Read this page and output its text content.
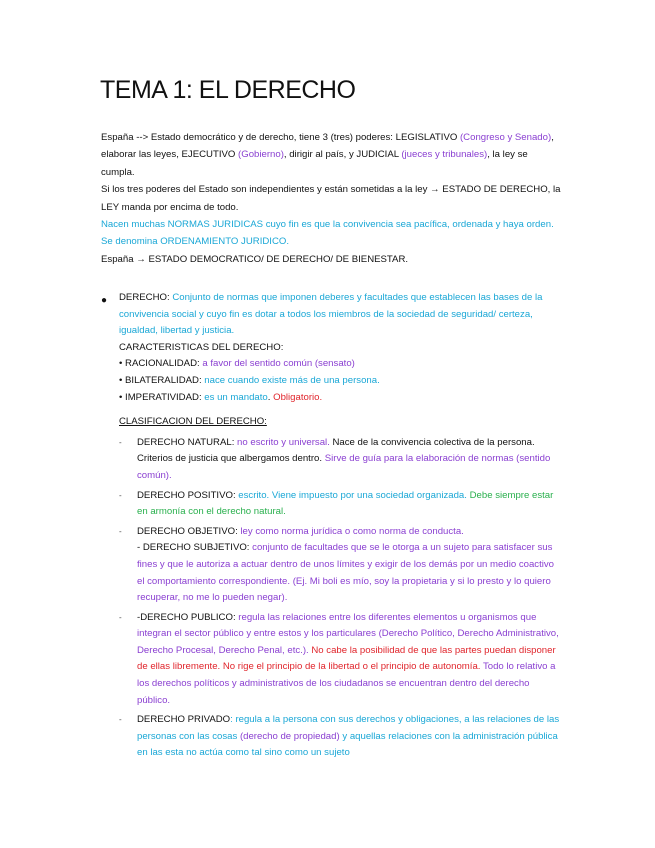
TEMA 1: EL DERECHO

España --> Estado democrático y de derecho, tiene 3 (tres) poderes: LEGISLATIVO (Congreso y Senado), elaborar las leyes, EJECUTIVO (Gobierno), dirigir al país, y JUDICIAL (jueces y tribunales), la ley se cumpla.

Si los tres poderes del Estado son independientes y están sometidas a la ley → ESTADO DE DERECHO, la LEY manda por encima de todo.

Nacen muchas NORMAS JURIDICAS cuyo fin es que la convivencia sea pacífica, ordenada y haya orden. Se denomina ORDENAMIENTO JURIDICO.

España → ESTADO DEMOCRATICO/ DE DERECHO/ DE BIENESTAR.

● DERECHO: Conjunto de normas que imponen deberes y facultades que establecen las bases de la convivencia social y cuyo fin es dotar a todos los miembros de la sociedad de seguridad/ certeza, igualdad, libertad y justicia.

CARACTERISTICAS DEL DERECHO:

• RACIONALIDAD: a favor del sentido común (sensato)

• BILATERALIDAD: nace cuando existe más de una persona.

• IMPERATIVIDAD: es un mandato. Obligatorio.

CLASIFICACION DEL DERECHO:

- DERECHO NATURAL: no escrito y universal. Nace de la convivencia colectiva de la persona. Criterios de justicia que albergamos dentro. Sirve de guía para la elaboración de normas (sentido común).
- DERECHO POSITIVO: escrito. Viene impuesto por una sociedad organizada. Debe siempre estar en armonía con el derecho natural.
- DERECHO OBJETIVO: ley como norma jurídica o como norma de conducta.
- DERECHO SUBJETIVO: conjunto de facultades que se le otorga a un sujeto para satisfacer sus fines y que le autoriza a actuar dentro de unos límites y exigir de los demás por un medio coactivo el comportamiento correspondiente. (Ej. Mi boli es mío, soy la propietaria y si lo presto y lo quiero recuperar, no me lo pueden negar).
- -DERECHO PUBLICO: regula las relaciones entre los diferentes elementos u organismos que integran el sector público y entre estos y los particulares (Derecho Político, Derecho Administrativo, Derecho Procesal, Derecho Penal, etc.). No cabe la posibilidad de que las partes puedan disponer de ellas libremente. No rige el principio de la libertad o el principio de autonomía. Todo lo relativo a los derechos políticos y administrativos de los ciudadanos se encuentran dentro del derecho público.
- DERECHO PRIVADO: regula a la persona con sus derechos y obligaciones, a las relaciones de las personas con las cosas (derecho de propiedad) y aquellas relaciones con la administración pública en las esta no actúa como tal sino como un sujeto
